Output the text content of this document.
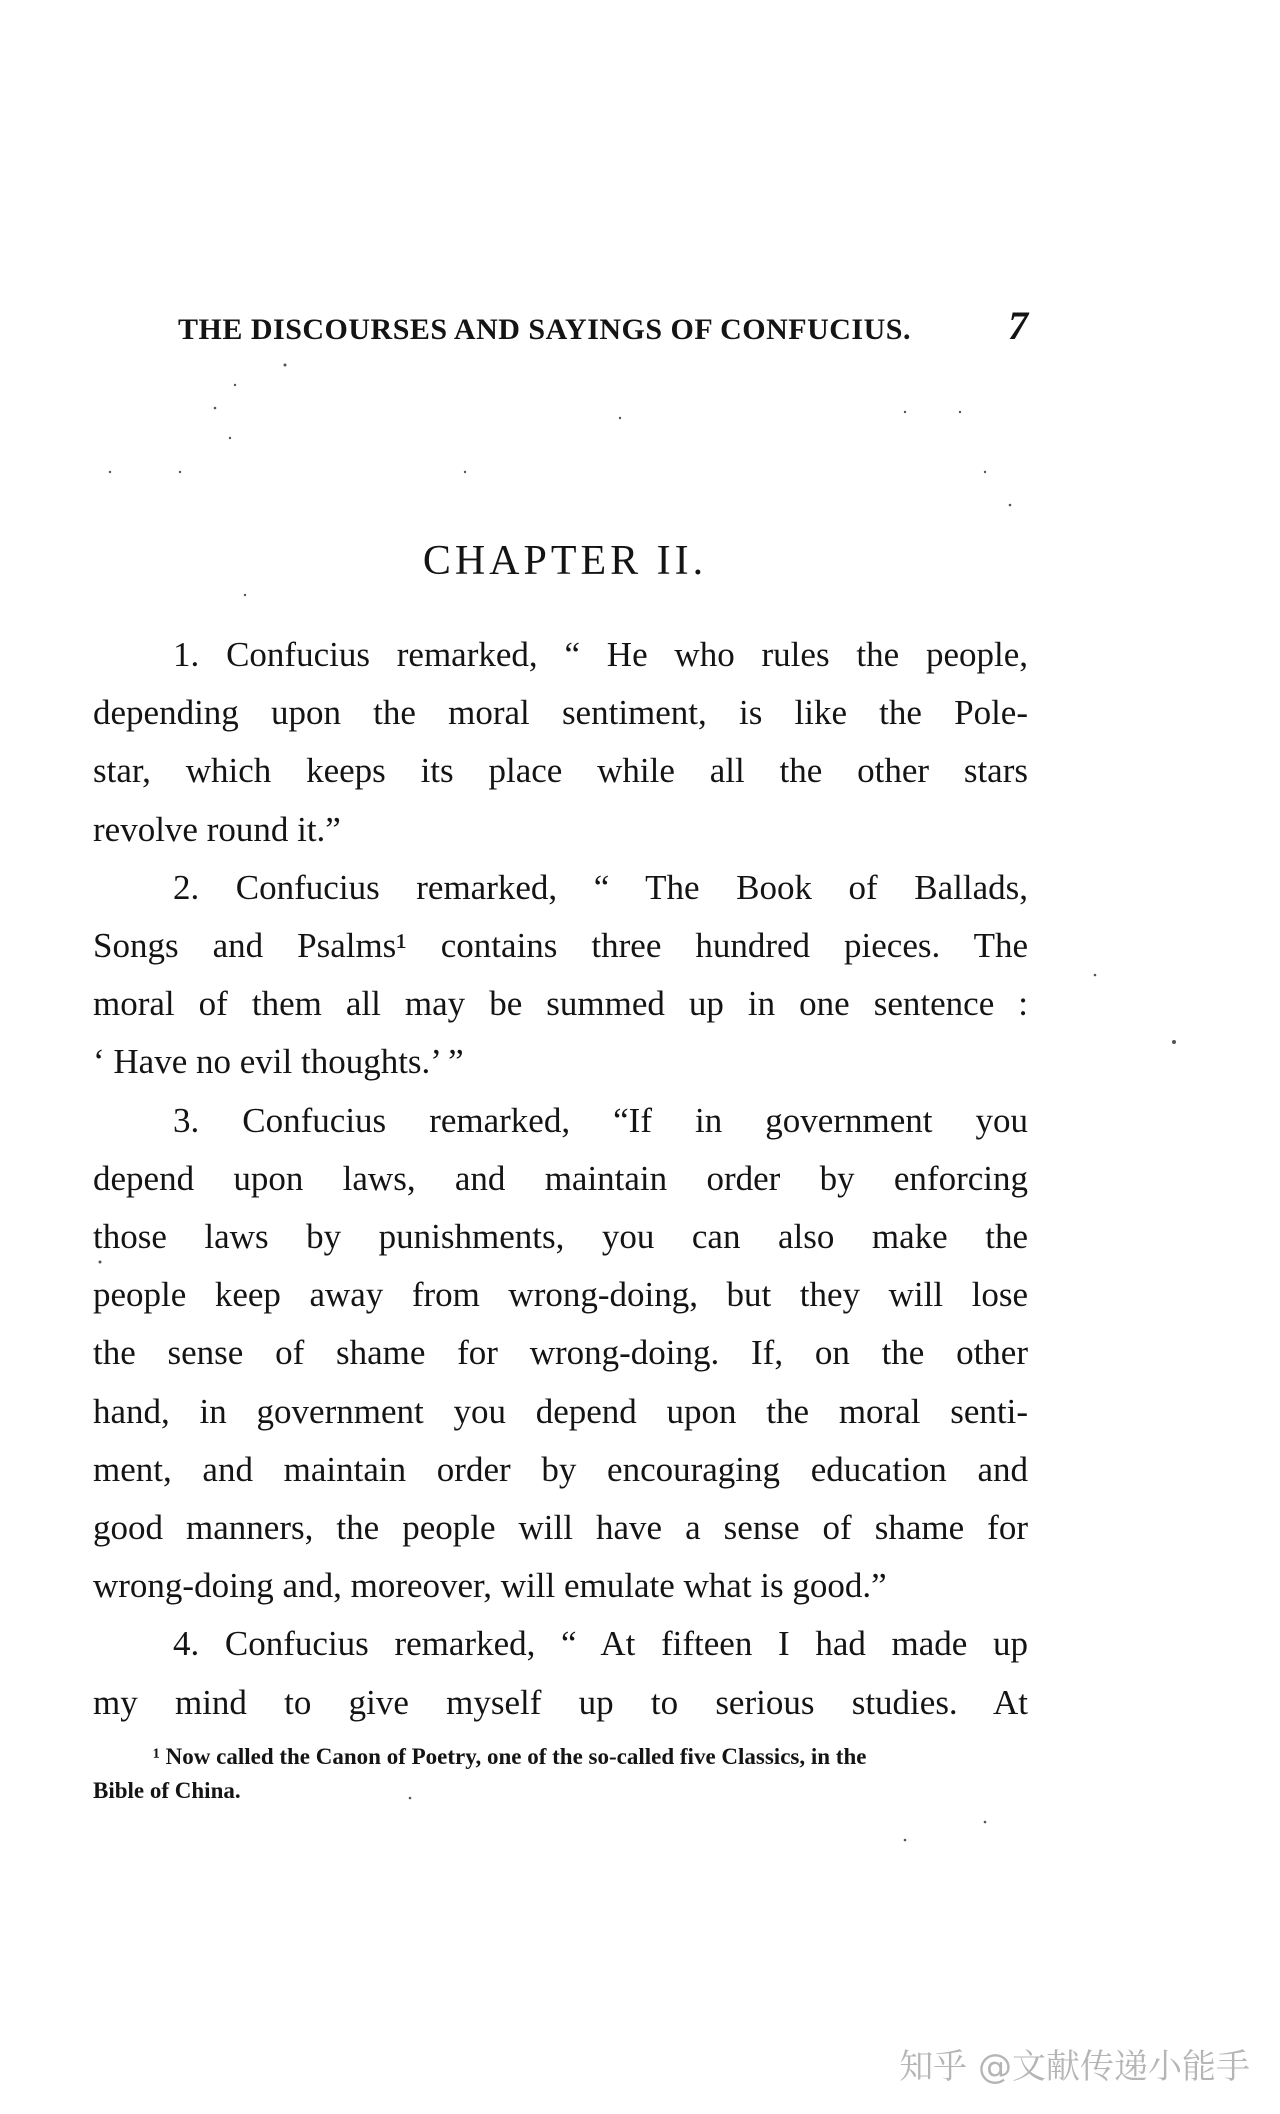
THE DISCOURSES AND SAYINGS OF CONFUCIUS. 7
CHAPTER II.
1. Confucius remarked, “ He who rules the people,
depending upon the moral sentiment, is like the Pole-
star, which keeps its place while all the other stars
revolve round it.”
2. Confucius remarked, “ The Book of Ballads,
Songs and Psalms¹ contains three hundred pieces. The
moral of them all may be summed up in one sentence :
‘ Have no evil thoughts.’ ”
3. Confucius remarked, “If in government you
depend upon laws, and maintain order by enforcing
those laws by punishments, you can also make the
people keep away from wrong-doing, but they will lose
the sense of shame for wrong-doing. If, on the other
hand, in government you depend upon the moral senti-
ment, and maintain order by encouraging education and
good manners, the people will have a sense of shame for
wrong-doing and, moreover, will emulate what is good.”
4. Confucius remarked, “ At fifteen I had made up
my mind to give myself up to serious studies. At
¹ Now called the Canon of Poetry, one of the so-called five Classics, in the
Bible of China.
知乎 @文献传递小能手
